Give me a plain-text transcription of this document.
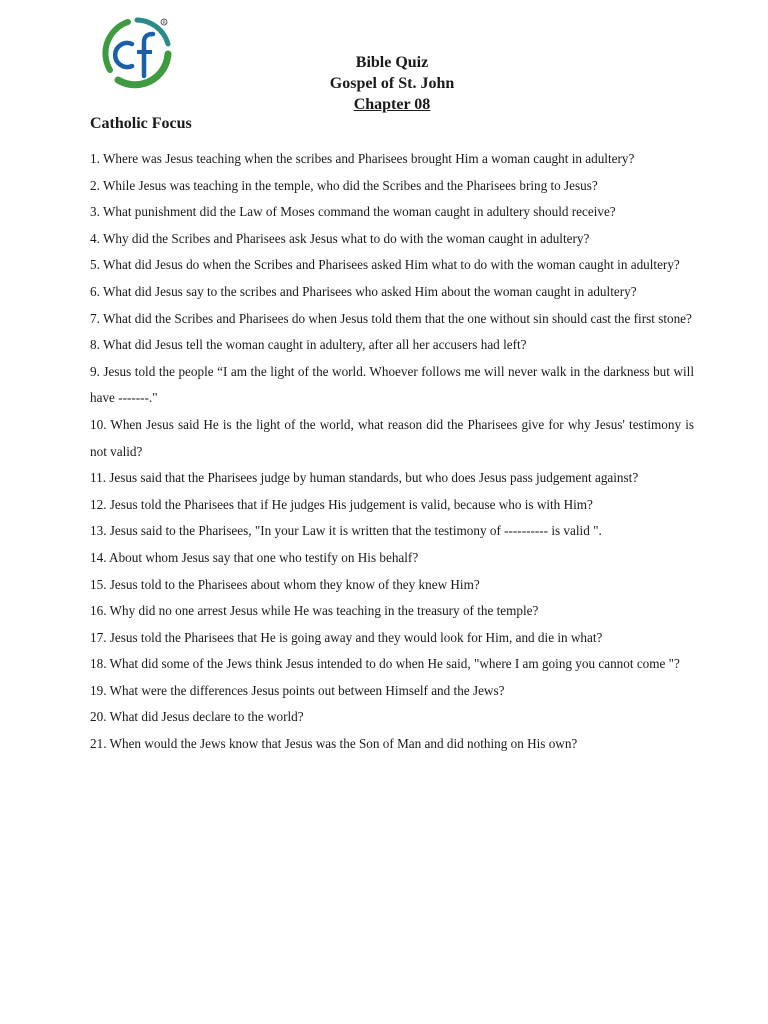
R
Bible Quiz
Gospel of St. John
Chapter 08
Catholic Focus
1. Where was Jesus teaching when the scribes and Pharisees brought Him a woman caught in adultery?
2. While Jesus was teaching in the temple, who did the Scribes and the Pharisees bring to Jesus?
3. What punishment did the Law of Moses command the woman caught in adultery should receive?
4. Why did the Scribes and Pharisees ask Jesus what to do with the woman caught in adultery?
5. What did Jesus do when the Scribes and Pharisees asked Him what to do with the woman caught in adultery?
6. What did Jesus say to the scribes and Pharisees who asked Him about the woman caught in adultery?
7. What did the Scribes and Pharisees do when Jesus told them that the one without sin should cast the first stone?
8. What did Jesus tell the woman caught in adultery, after all her accusers had left?
9. Jesus told the people “I am the light of the world. Whoever follows me will never walk in the darkness but will have -------."
10. When Jesus said He is the light of the world, what reason did the Pharisees give for why Jesus' testimony is not valid?
11. Jesus said that the Pharisees judge by human standards, but who does Jesus pass judgement against?
12. Jesus told the Pharisees that if He judges His judgement is valid, because who is with Him?
13. Jesus said to the Pharisees, "In your Law it is written that the testimony of ---------- is valid ".
14. About whom Jesus say that one who testify on His behalf?
15. Jesus told to the Pharisees about whom they know of they knew Him?
16. Why did no one arrest Jesus while He was teaching in the treasury of the temple?
17. Jesus told the Pharisees that He is going away and they would look for Him, and die in what?
18. What did some of the Jews think Jesus intended to do when He said, "where I am going you cannot come "?
19. What were the differences Jesus points out between Himself and the Jews?
20. What did Jesus declare to the world?
21. When would the Jews know that Jesus was the Son of Man and did nothing on His own?
